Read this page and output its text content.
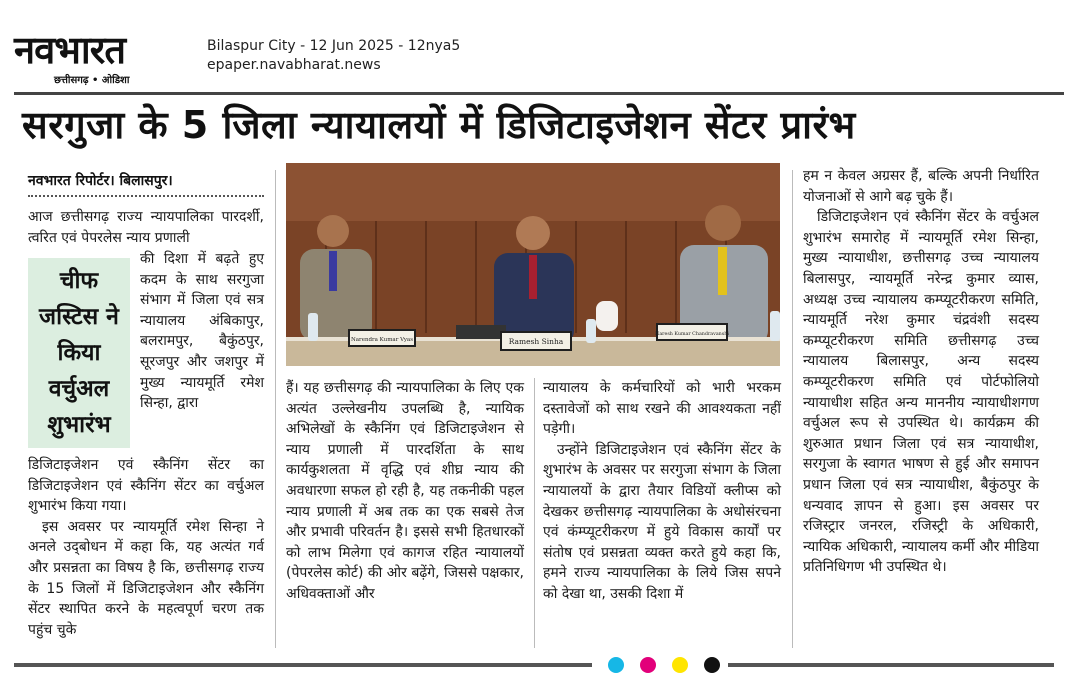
नवभारत
छत्तीसगढ़ • ओडिशा
Bilaspur City - 12 Jun 2025 - 12nya5
epaper.navabharat.news
सरगुजा के 5 जिला न्यायालयों में डिजिटाइजेशन सेंटर प्रारंभ
नवभारत रिपोर्टर। बिलासपुर।

आज छत्तीसगढ़ राज्य न्यायपालिका पारदर्शी, त्वरित एवं पेपरलेस न्याय प्रणाली

चीफ जस्टिस ने किया वर्चुअल शुभारंभ

की दिशा में बढ़ते हुए कदम के साथ सरगुजा संभाग में जिला एवं सत्र न्यायालय अंबिकापुर, बलरामपुर, बैकुंठपुर, सूरजपुर और जशपुर में मुख्य न्यायमूर्ति रमेश सिन्हा, द्वारा

डिजिटाइजेशन एवं स्कैनिंग सेंटर का डिजिटाइजेशन एवं स्कैनिंग सेंटर का वर्चुअल शुभारंभ किया गया।

इस अवसर पर न्यायमूर्ति रमेश सिन्हा ने अनले उद्‌बोधन में कहा कि, यह अत्यंत गर्व और प्रसन्नता का विषय है कि, छत्तीसगढ़ राज्य के 15 जिलों में डिजिटाइजेशन और स्कैनिंग सेंटर स्थापित करने के महत्वपूर्ण चरण तक पहुंच चुके

Narendra Kumar Vyas	Ramesh Sinha
Naresh Kumar Chandravanshi

हैं। यह छत्तीसगढ़ की न्यायपालिका के लिए एक अत्यंत उल्लेखनीय उपलब्धि है, न्यायिक अभिलेखों के स्कैनिंग एवं डिजिटाइजेशन से न्याय प्रणाली में पारदर्शिता के साथ कार्यकुशलता में वृद्धि एवं शीघ्र न्याय की अवधारणा सफल हो रही है, यह तकनीकी पहल न्याय प्रणाली में अब तक का एक सबसे तेज और प्रभावी परिवर्तन है। इससे सभी हितधारकों को लाभ मिलेगा एवं कागज रहित न्यायालयों (पेपरलेस कोर्ट) की ओर बढ़ेंगे, जिससे पक्षकार, अधिवक्ताओं और

न्यायालय के कर्मचारियों को भारी भरकम दस्तावेजों को साथ रखने की आवश्यकता नहीं पड़ेगी।

उन्होंने डिजिटाइजेशन एवं स्कैनिंग सेंटर के शुभारंभ के अवसर पर सरगुजा संभाग के जिला न्यायालयों के द्वारा तैयार विडियों क्लीप्स को देखकर छत्तीसगढ़ न्यायपालिका के अधोसंरचना एवं कंम्प्यूटरीकरण में हुये विकास कार्यों पर संतोष एवं प्रसन्नता व्यक्त करते हुये कहा कि, हमने राज्य न्यायपालिका के लिये जिस सपने को देखा था, उसकी दिशा में

हम न केवल अग्रसर हैं, बल्कि अपनी निर्धारित योजनाओं से आगे बढ़ चुके हैं।

डिजिटाइजेशन एवं स्कैनिंग सेंटर के वर्चुअल शुभारंभ समारोह में न्यायमूर्ति रमेश सिन्हा, मुख्य न्यायाधीश, छत्तीसगढ़ उच्च न्यायालय बिलासपुर, न्यायमूर्ति नरेन्द्र कुमार व्यास, अध्यक्ष उच्च न्यायालय कम्प्यूटरीकरण समिति, न्यायमूर्ति नरेश कुमार चंद्रवंशी सदस्य कम्प्यूटरीकरण समिति छत्तीसगढ़ उच्च न्यायालय बिलासपुर, अन्य सदस्य कम्प्यूटरीकरण समिति एवं पोर्टफोलियो न्यायाधीश सहित अन्य माननीय न्यायाधीशगण वर्चुअल रूप से उपस्थित थे। कार्यक्रम की शुरुआत प्रधान जिला एवं सत्र न्यायाधीश, सरगुजा के स्वागत भाषण से हुई और समापन प्रधान जिला एवं सत्र न्यायाधीश, बैकुंठपुर के धन्यवाद ज्ञापन से हुआ। इस अवसर पर रजिस्ट्रार जनरल, रजिस्ट्री के अधिकारी, न्यायिक अधिकारी, न्यायालय कर्मी और मीडिया प्रतिनिधिगण भी उपस्थित थे।
